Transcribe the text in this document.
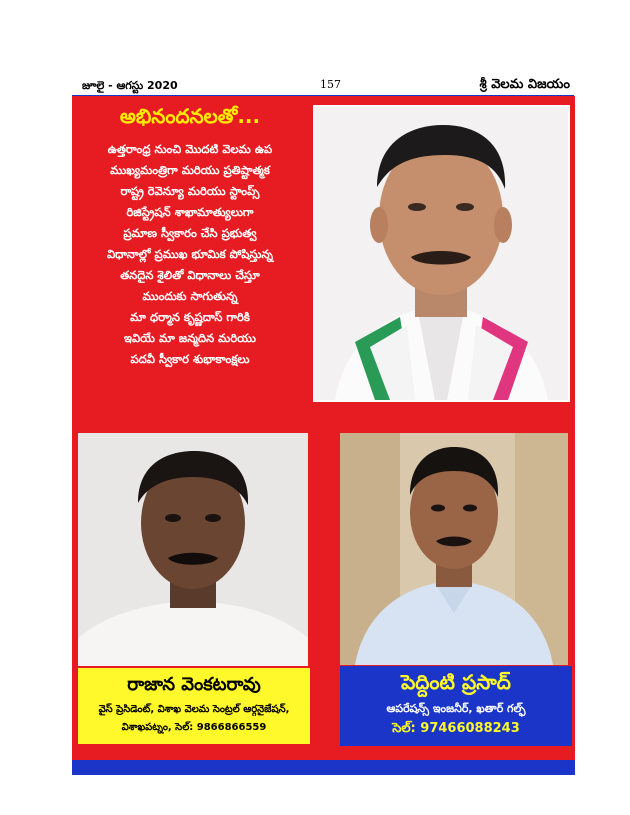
జూలై - ఆగస్టు 2020	157	శ్రీ వెలమ విజయం
అభినందనలతో...
ఉత్తరాంధ్ర నుంచి మొదటి వెలమ ఉప
ముఖ్యమంత్రిగా మరియు ప్రతిష్టాత్మక
రాష్ట్ర రెవెన్యూ మరియు స్టాంప్స్
రిజిస్ట్రేషన్ శాఖామాత్యులుగా
ప్రమాణ స్వీకారం చేసి ప్రభుత్వ
విధానాల్లో ప్రముఖ భూమిక పోషిస్తున్న
తనదైన శైలితో విధానాలు చేస్తూ
ముందుకు సాగుతున్న
మా ధర్మాన కృష్ణదాస్ గారికి
ఇవియే మా జన్మదిన మరియు
పదవీ స్వీకార శుభాకాంక్షలు
రాజాన వెంకటరావు
వైస్ ప్రెసిడెంట్, విశాఖ వెలమ సెంట్రల్ ఆర్గనైజేషన్,
విశాఖపట్నం, సెల్: 9866866559
పెద్దింటి ప్రసాద్
ఆపరేషన్స్ ఇంజనీర్, ఖతార్ గల్ఫ్
సెల్: 97466088243
